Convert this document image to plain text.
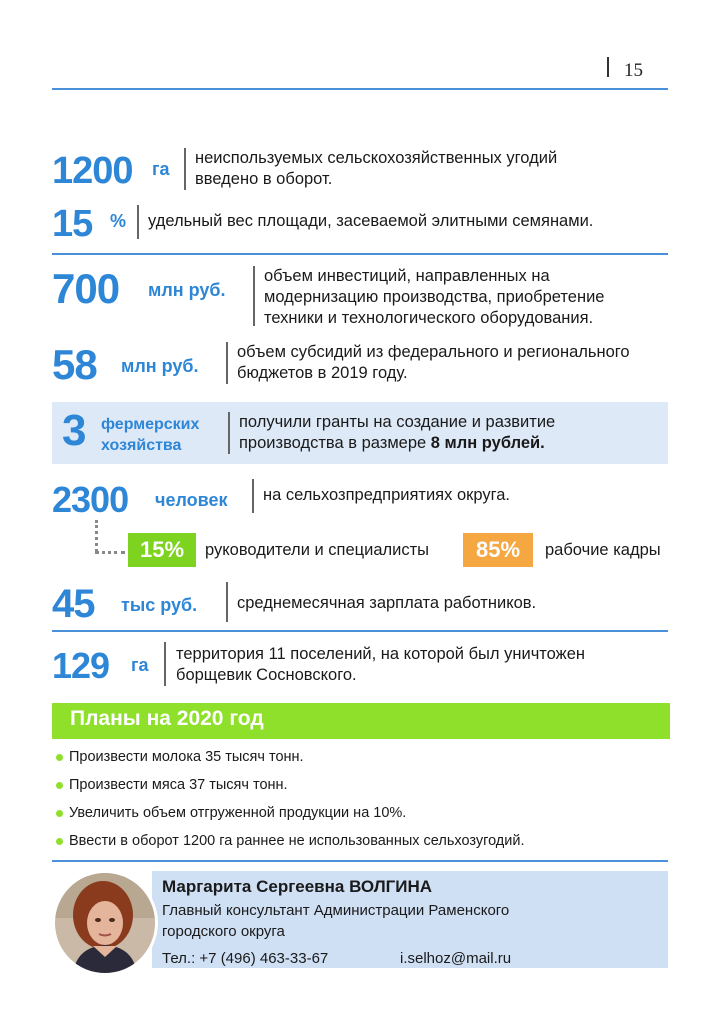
15
1200 га
неиспользуемых сельскохозяйственных угодий
введено в оборот.
15 % удельный вес площади, засеваемой элитными семянами.
700 млн руб.
объем инвестиций, направленных на
модернизацию производства, приобретение
техники и технологического оборудования.
58 млн руб.
объем субсидий из федерального и регионального
бюджетов в 2019 году.
3 фермерских
хозяйства
получили гранты на создание и развитие
производства в размере 8 млн рублей.
2300 человек на сельхозпредприятиях округа.
15%	руководители и специалисты	85%	рабочие кадры
45 тыс руб. среднемесячная зарплата работников.
129 га
территория 11 поселений, на которой был уничтожен
борщевик Сосновского.
Планы на 2020 год
Произвести молока 35 тысяч тонн.
Произвести мяса 37 тысяч тонн.
Увеличить объем отгруженной продукции на 10%.
Ввести в оборот 1200 га раннее не использованных сельхозугодий.
Маргарита Сергеевна ВОЛГИНА
Главный консультант Администрации Раменского
городского округа
Тел.: +7 (496) 463-33-67	i.selhoz@mail.ru
